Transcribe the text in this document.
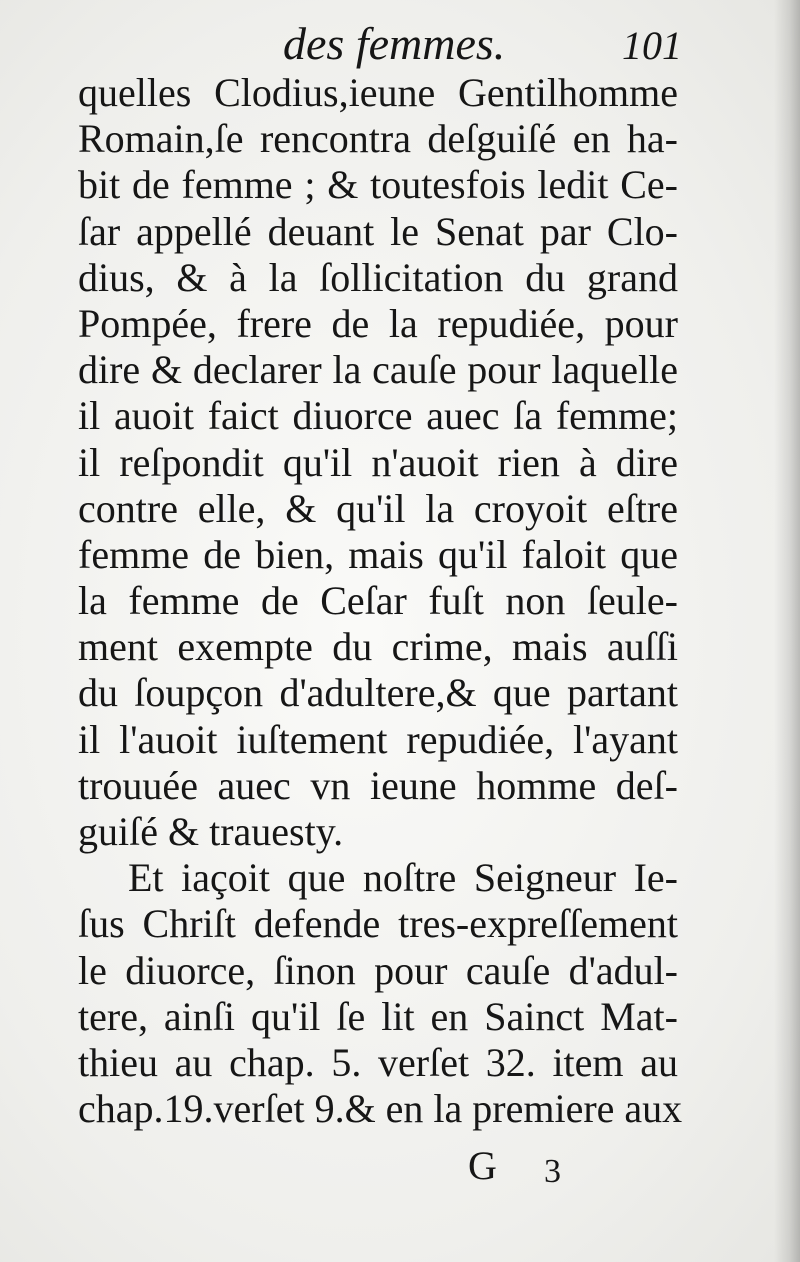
des femmes.	101
quelles Clodius,ieune Gentilhomme
Romain,ſe rencontra deſguiſé en ha-
bit de femme ; & toutesfois ledit Ce-
ſar appellé deuant le Senat par Clo-
dius, & à la ſollicitation du grand
Pompée, frere de la repudiée, pour
dire & declarer la cauſe pour laquelle
il auoit faict diuorce auec ſa femme;
il reſpondit qu'il n'auoit rien à dire
contre elle, & qu'il la croyoit eſtre
femme de bien, mais qu'il faloit que
la femme de Ceſar fuſt non ſeule-
ment exempte du crime, mais auſſi
du ſoupçon d'adultere,& que partant
il l'auoit iuſtement repudiée, l'ayant
trouuée auec vn ieune homme deſ-
guiſé & trauesty.
Et iaçoit que noſtre Seigneur Ie-
ſus Chriſt defende tres-expreſſement
le diuorce, ſinon pour cauſe d'adul-
tere, ainſi qu'il ſe lit en Sainct Mat-
thieu au chap. 5. verſet 32. item au
chap.19.verſet 9.& en la premiere aux
G 3
